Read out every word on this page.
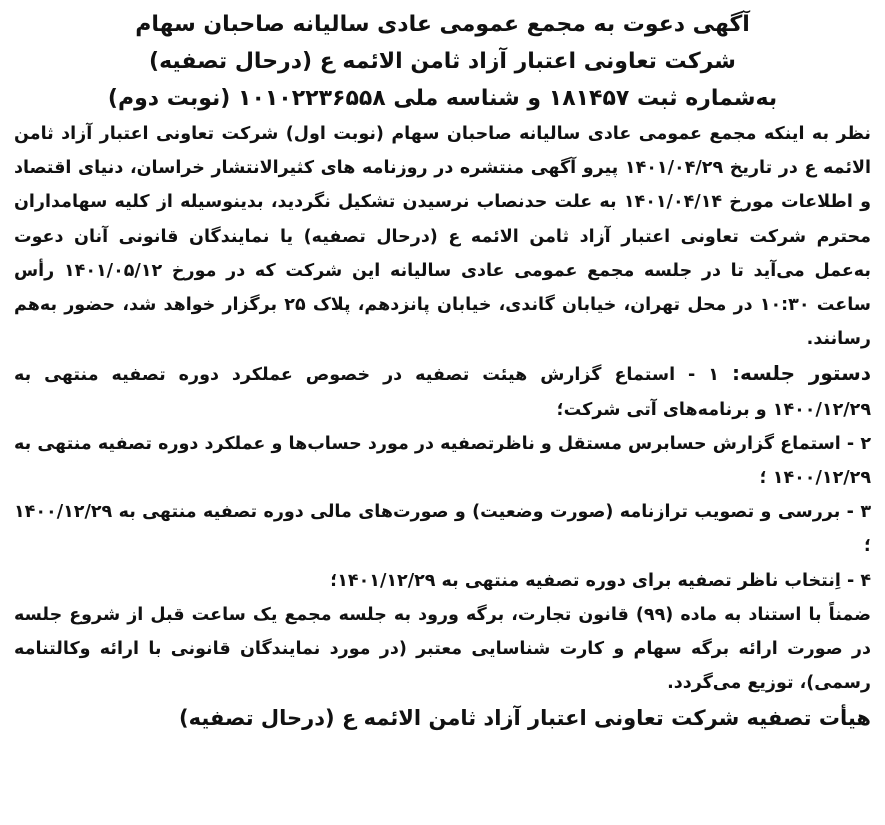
آگهی دعوت به مجمع عمومی عادی سالیانه صاحبان سهام
شرکت تعاونی اعتبار آزاد ثامن الائمه ع (درحال تصفیه)
به‌شماره ثبت ۱۸۱۴۵۷ و شناسه ملی ۱۰۱۰۲۲۳۶۵۵۸ (نوبت دوم)

نظر به اینکه مجمع عمومی عادی سالیانه صاحبان سهام (نوبت اول) شرکت تعاونی اعتبار آزاد ثامن الائمه ع در تاریخ ۱۴۰۱/۰۴/۲۹ پیرو آگهی منتشره در روزنامه های کثیرالانتشار خراسان، دنیای اقتصاد و اطلاعات مورخ ۱۴۰۱/۰۴/۱۴ به علت حدنصاب نرسیدن تشکیل نگردید، بدینوسیله از کلیه سهامداران محترم شرکت تعاونی اعتبار آزاد ثامن الائمه ع (درحال تصفیه) یا نمایندگان قانونی آنان دعوت به‌عمل می‌آید تا در جلسه مجمع عمومی عادی سالیانه این شرکت که در مورخ ۱۴۰۱/۰۵/۱۲ رأس ساعت ۱۰:۳۰ در محل تهران، خیابان گاندی، خیابان پانزدهم، پلاک ۲۵ برگزار خواهد شد، حضور به‌هم رسانند.

دستور جلسه: ۱ - استماع گزارش هیئت تصفیه در خصوص عملکرد دوره تصفیه منتهی به ۱۴۰۰/۱۲/۲۹ و برنامه‌های آتی شرکت؛

۲ - استماع گزارش حسابرس مستقل و ناظرتصفیه در مورد حساب‌ها و عملکرد دوره تصفیه منتهی به ۱۴۰۰/۱۲/۲۹ ؛

۳ - بررسی و تصویب ترازنامه (صورت وضعیت) و صورت‌های مالی دوره تصفیه منتهی به ۱۴۰۰/۱۲/۲۹ ؛

۴ - اِنتخاب ناظر تصفیه برای دوره تصفیه منتهی به ۱۴۰۱/۱۲/۲۹؛

ضمناً با استناد به ماده (۹۹) قانون تجارت، برگه ورود به جلسه مجمع یک ساعت قبل از شروع جلسه در صورت ارائه برگه سهام و کارت شناسایی معتبر (در مورد نمایندگان قانونی با ارائه وکالتنامه رسمی)، توزیع می‌گردد.

هیأت تصفیه شرکت تعاونی اعتبار آزاد ثامن الائمه ع (درحال تصفیه)
